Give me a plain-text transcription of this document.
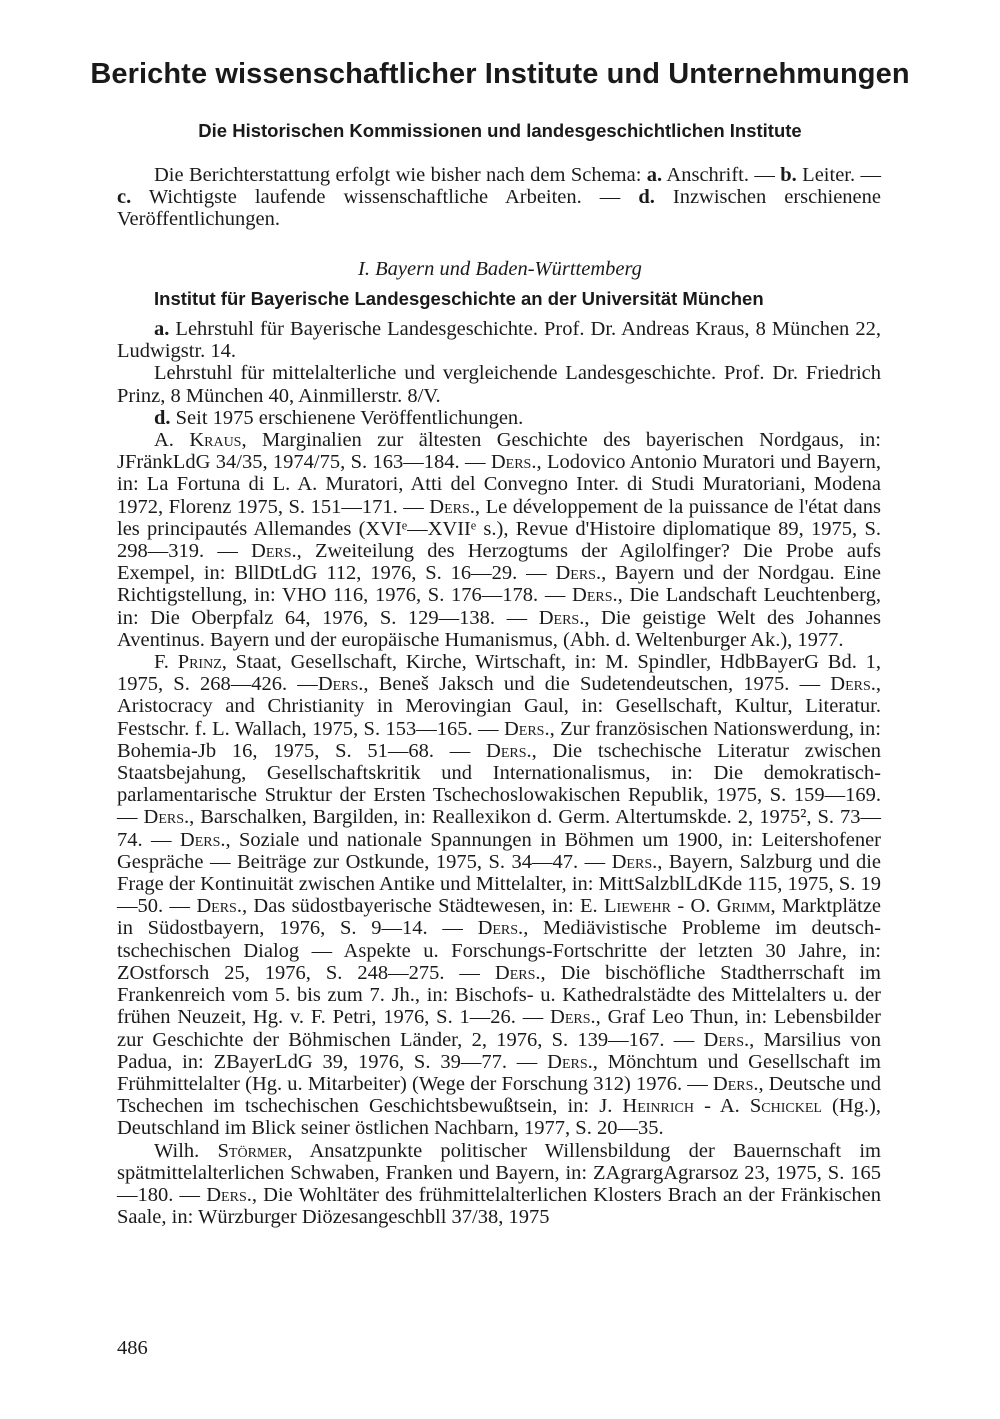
Berichte wissenschaftlicher Institute und Unternehmungen
Die Historischen Kommissionen und landesgeschichtlichen Institute

Die Berichterstattung erfolgt wie bisher nach dem Schema: a. Anschrift. — b. Leiter. — c. Wichtigste laufende wissenschaftliche Arbeiten. — d. Inzwischen erschienene Veröffentlichungen.

I. Bayern und Baden-Württemberg
Institut für Bayerische Landesgeschichte an der Universität München

a. Lehrstuhl für Bayerische Landesgeschichte. Prof. Dr. Andreas Kraus, 8 München 22, Ludwigstr. 14.

Lehrstuhl für mittelalterliche und vergleichende Landesgeschichte. Prof. Dr. Friedrich Prinz, 8 München 40, Ainmillerstr. 8/V.

d. Seit 1975 erschienene Veröffentlichungen.

A. Kraus, Marginalien zur ältesten Geschichte des bayerischen Nordgaus, in: JFränkLdG 34/35, 1974/75, S. 163—184. — Ders., Lodovico Antonio Muratori und Bayern, in: La Fortuna di L. A. Muratori, Atti del Convegno Inter. di Studi Muratoriani, Modena 1972, Florenz 1975, S. 151—171. — Ders., Le développement de la puissance de l'état dans les principautés Allemandes (XVIᵉ—XVIIᵉ s.), Revue d'Histoire diplomatique 89, 1975, S. 298—319. — Ders., Zweiteilung des Herzogtums der Agilolfinger? Die Probe aufs Exempel, in: BllDtLdG 112, 1976, S. 16—29. — Ders., Bayern und der Nordgau. Eine Richtigstellung, in: VHO 116, 1976, S. 176—178. — Ders., Die Landschaft Leuchtenberg, in: Die Oberpfalz 64, 1976, S. 129—138. — Ders., Die geistige Welt des Johannes Aventinus. Bayern und der europäische Humanismus, (Abh. d. Weltenburger Ak.), 1977.

F. Prinz, Staat, Gesellschaft, Kirche, Wirtschaft, in: M. Spindler, HdbBayerG Bd. 1, 1975, S. 268—426. —Ders., Beneš Jaksch und die Sudetendeutschen, 1975. — Ders., Aristocracy and Christianity in Merovingian Gaul, in: Gesellschaft, Kultur, Literatur. Festschr. f. L. Wallach, 1975, S. 153—165. — Ders., Zur französischen Nationswerdung, in: Bohemia-Jb 16, 1975, S. 51—68. — Ders., Die tschechische Literatur zwischen Staatsbejahung, Gesellschaftskritik und Internationalismus, in: Die demokratisch-parlamentarische Struktur der Ersten Tschechoslowakischen Republik, 1975, S. 159—169. — Ders., Barschalken, Bargilden, in: Reallexikon d. Germ. Altertumskde. 2, 1975², S. 73—74. — Ders., Soziale und nationale Spannungen in Böhmen um 1900, in: Leitershofener Gespräche — Beiträge zur Ostkunde, 1975, S. 34—47. — Ders., Bayern, Salzburg und die Frage der Kontinuität zwischen Antike und Mittelalter, in: MittSalzblLdKde 115, 1975, S. 19—50. — Ders., Das südostbayerische Städtewesen, in: E. Liewehr - O. Grimm, Marktplätze in Südostbayern, 1976, S. 9—14. — Ders., Mediävistische Probleme im deutsch-tschechischen Dialog — Aspekte u. Forschungs-Fortschritte der letzten 30 Jahre, in: ZOstforsch 25, 1976, S. 248—275. — Ders., Die bischöfliche Stadtherrschaft im Frankenreich vom 5. bis zum 7. Jh., in: Bischofs- u. Kathedralstädte des Mittelalters u. der frühen Neuzeit, Hg. v. F. Petri, 1976, S. 1—26. — Ders., Graf Leo Thun, in: Lebensbilder zur Geschichte der Böhmischen Länder, 2, 1976, S. 139—167. — Ders., Marsilius von Padua, in: ZBayerLdG 39, 1976, S. 39—77. — Ders., Mönchtum und Gesellschaft im Frühmittelalter (Hg. u. Mitarbeiter) (Wege der Forschung 312) 1976. — Ders., Deutsche und Tschechen im tschechischen Geschichtsbewußtsein, in: J. Heinrich - A. Schickel (Hg.), Deutschland im Blick seiner östlichen Nachbarn, 1977, S. 20—35.

Wilh. Störmer, Ansatzpunkte politischer Willensbildung der Bauernschaft im spätmittelalterlichen Schwaben, Franken und Bayern, in: ZAgrargAgrarsoz 23, 1975, S. 165—180. — Ders., Die Wohltäter des frühmittelalterlichen Klosters Brach an der Fränkischen Saale, in: Würzburger Diözesangeschbll 37/38, 1975

486
